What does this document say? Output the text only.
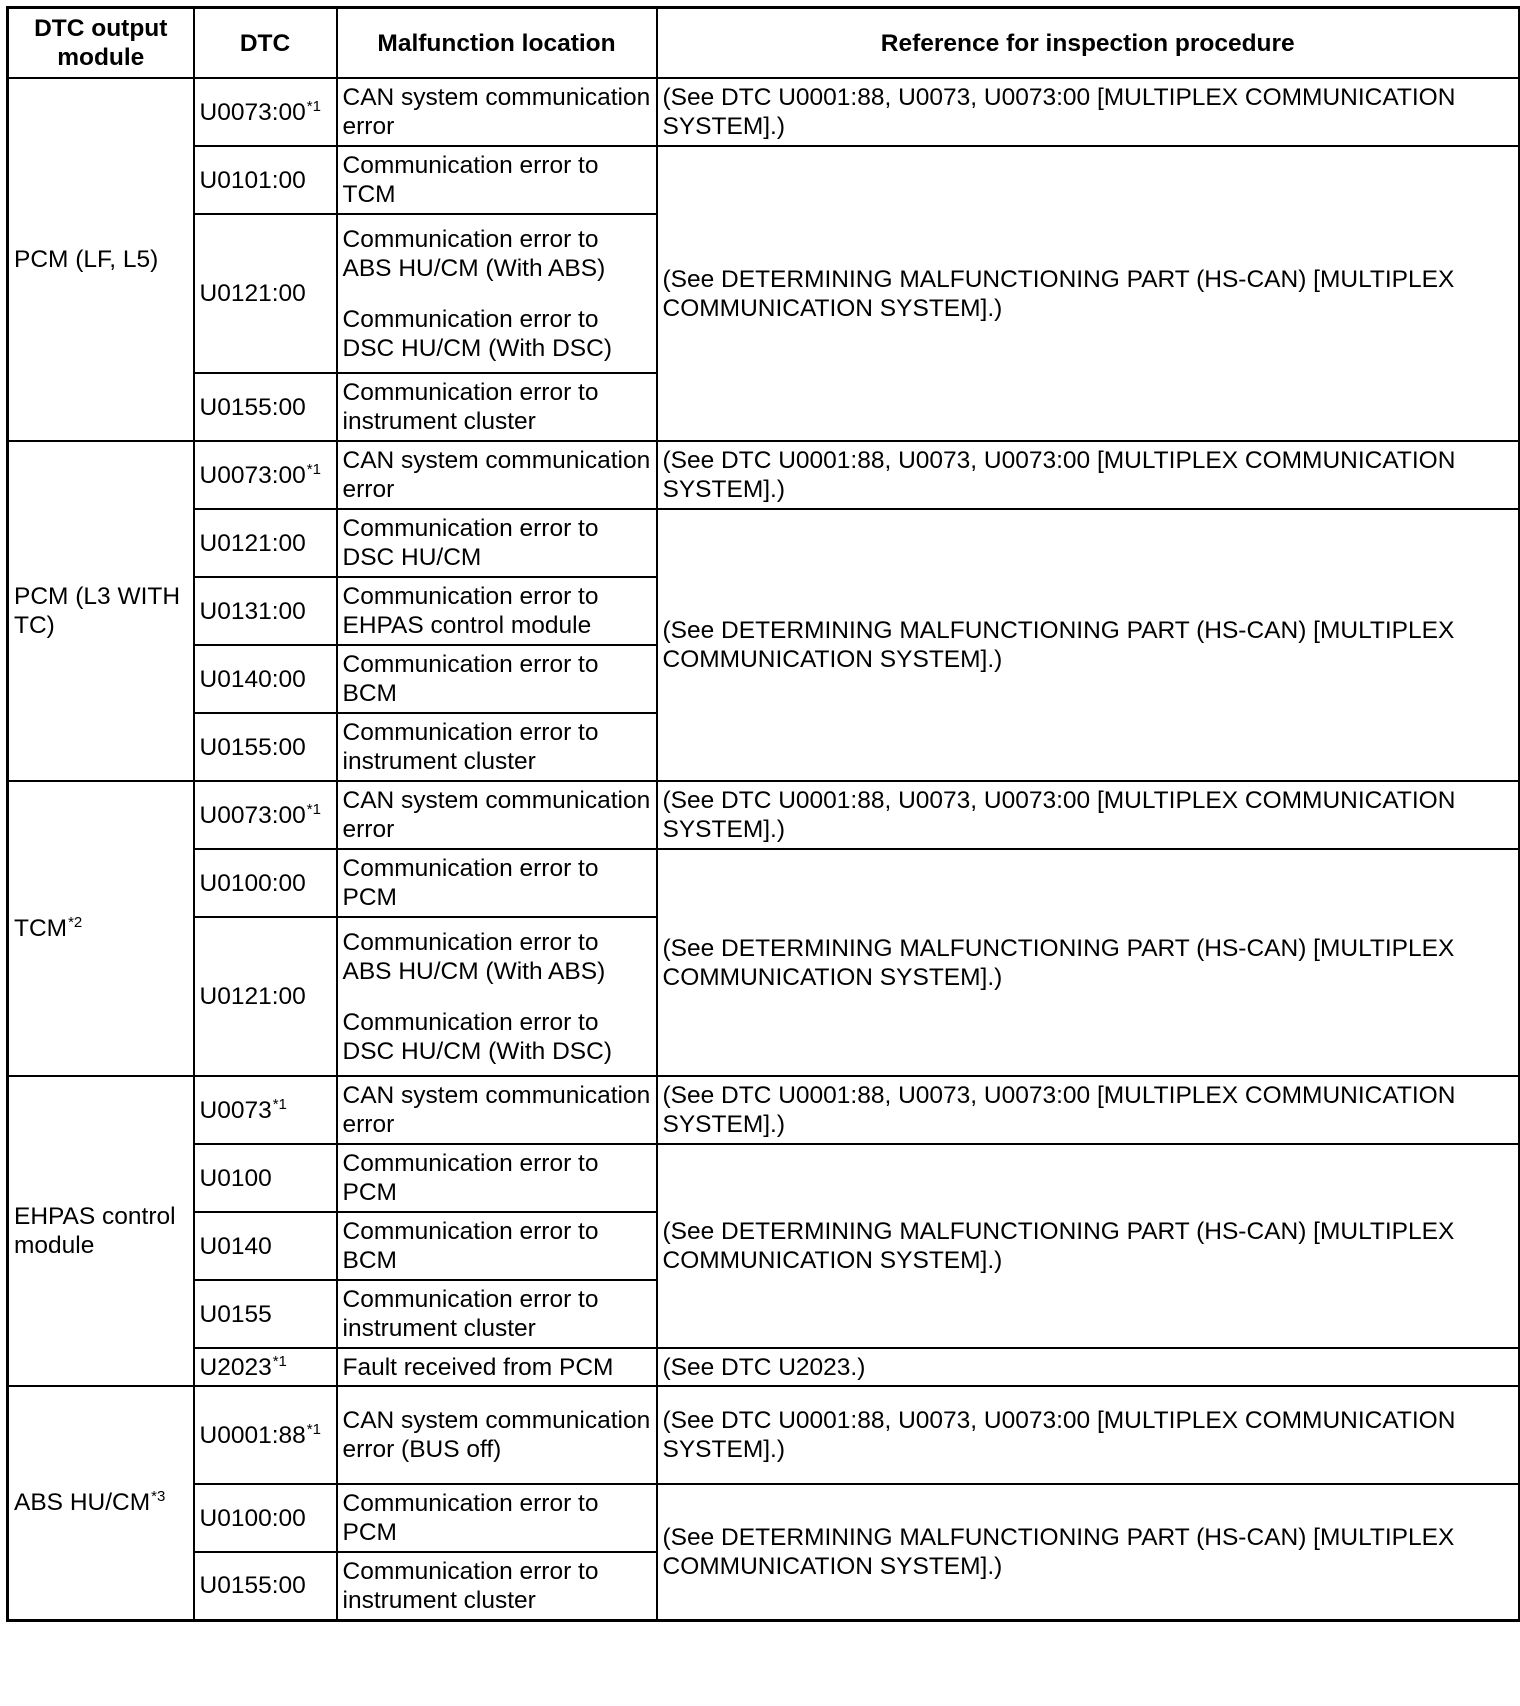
DTC output module	DTC	Malfunction location	Reference for inspection procedure
PCM (LF, L5)	U0073:00$^{*1}$	CAN system communication error	(See DTC U0001:88, U0073, U0073:00 [MULTIPLEX COMMUNICATION SYSTEM].)
	U0101:00	Communication error to TCM	(See DETERMINING MALFUNCTIONING PART (HS-CAN) [MULTIPLEX COMMUNICATION SYSTEM].)
	U0121:00	Communication error to ABS HU/CM (With ABS)
Communication error to DSC HU/CM (With DSC)	
	U0155:00	Communication error to instrument cluster	
PCM (L3 WITH TC)	U0073:00$^{*1}$	CAN system communication error	(See DTC U0001:88, U0073, U0073:00 [MULTIPLEX COMMUNICATION SYSTEM].)
	U0121:00	Communication error to DSC HU/CM	(See DETERMINING MALFUNCTIONING PART (HS-CAN) [MULTIPLEX COMMUNICATION SYSTEM].)
	U0131:00	Communication error to EHPAS control module	
	U0140:00	Communication error to BCM	
	U0155:00	Communication error to instrument cluster	
TCM$^{*2}$	U0073:00$^{*1}$	CAN system communication error	(See DTC U0001:88, U0073, U0073:00 [MULTIPLEX COMMUNICATION SYSTEM].)
	U0100:00	Communication error to PCM	(See DETERMINING MALFUNCTIONING PART (HS-CAN) [MULTIPLEX COMMUNICATION SYSTEM].)
	U0121:00	Communication error to ABS HU/CM (With ABS)
Communication error to DSC HU/CM (With DSC)	
EHPAS control module	U0073$^{*1}$	CAN system communication error	(See DTC U0001:88, U0073, U0073:00 [MULTIPLEX COMMUNICATION SYSTEM].)
	U0100	Communication error to PCM	(See DETERMINING MALFUNCTIONING PART (HS-CAN) [MULTIPLEX COMMUNICATION SYSTEM].)
	U0140	Communication error to BCM	
	U0155	Communication error to instrument cluster	
	U2023$^{*1}$	Fault received from PCM	(See DTC U2023.)
ABS HU/CM$^{*3}$	U0001:88$^{*1}$	CAN system communication error (BUS off)	(See DTC U0001:88, U0073, U0073:00 [MULTIPLEX COMMUNICATION SYSTEM].)
	U0100:00	Communication error to PCM	(See DETERMINING MALFUNCTIONING PART (HS-CAN) [MULTIPLEX COMMUNICATION SYSTEM].)
	U0155:00	Communication error to instrument cluster	
